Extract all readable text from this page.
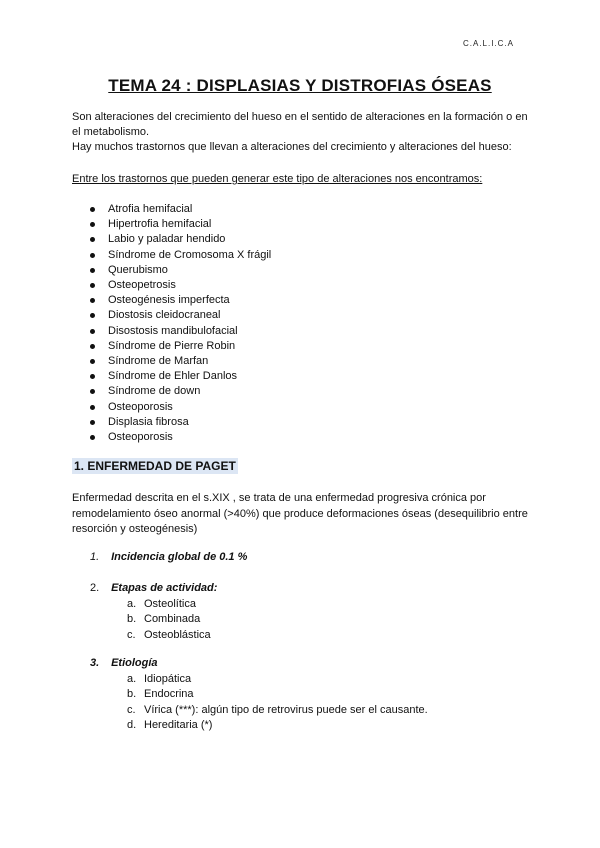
C.A.L.I.C.A
TEMA 24 : DISPLASIAS Y DISTROFIAS ÓSEAS

Son alteraciones del crecimiento del hueso en el sentido de alteraciones en la formación o en el metabolismo.

Hay muchos trastornos que llevan a alteraciones del crecimiento y alteraciones del hueso:

Entre los trastornos que pueden generar este tipo de alteraciones nos encontramos:
Atrofia hemifacial
Hipertrofia hemifacial
Labio y paladar hendido
Síndrome de Cromosoma X frágil
Querubismo
Osteopetrosis
Osteogénesis imperfecta
Diostosis cleidocraneal
Disostosis mandibulofacial
Síndrome de Pierre Robin
Síndrome de Marfan
Síndrome de Ehler Danlos
Síndrome de down
Osteoporosis
Displasia fibrosa
Osteoporosis
1. ENFERMEDAD DE PAGET
Enfermedad descrita en el s.XIX , se trata de una enfermedad progresiva crónica por remodelamiento óseo anormal (>40%) que produce deformaciones óseas (desequilibrio entre resorción y osteogénesis)
1. Incidencia global de 0.1 %
2. Etapas de actividad:
a. Osteolítica
b. Combinada
c. Osteoblástica
3. Etiología
a. Idiopática
b. Endocrina
c. Vírica (***): algún tipo de retrovirus puede ser el causante.
d. Hereditaria (*)
